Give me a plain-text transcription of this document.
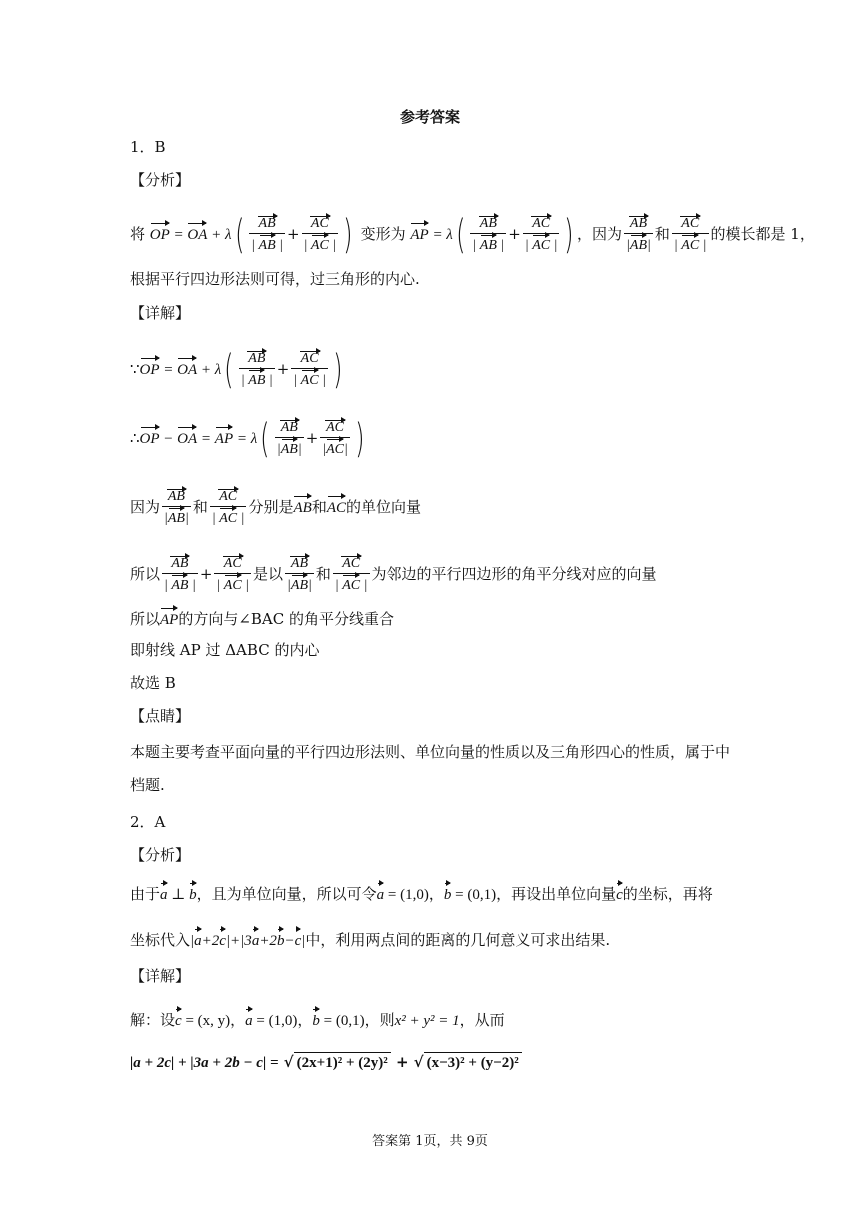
参考答案
1．B
【分析】
将 OP = OA + $\lambda( \frac{AB}{| AB |} + \frac{AC}{| AC |}$ ) 变形为 AP = $\lambda( \frac{AB}{| AB |} + \frac{AC}{| AC |}$ ) ，因为 $\frac{AB}{|AB|}$ 和 $\frac{AC}{| AC |}$ 的模长都是 1，
根据平行四边形法则可得，过三角形的内心.
【详解】
∵OP = OA + $\lambda( \frac{AB}{| AB |} + \frac{AC}{| AC |}$ )
∴OP − OA = AP = $\lambda( \frac{AB}{|AB|} + \frac{AC}{|AC|}$ )
因为 $\frac{AB}{|AB|}$ 和 $\frac{AC}{| AC |}$ 分别是AB和AC的单位向量
所以 $\frac{AB}{| AB |} + \frac{AC}{| AC |}$ 是以 $\frac{AB}{|AB|}$ 和 $\frac{AC}{| AC |}$ 为邻边的平行四边形的角平分线对应的向量
所以AP的方向与∠BAC 的角平分线重合
即射线 AP 过 ΔABC 的内心
故选 B
【点睛】
本题主要考查平面向量的平行四边形法则、单位向量的性质以及三角形四心的性质，属于中
档题.
2．A
【分析】
由于a ⊥ b，且为单位向量，所以可令a = (1,0)，b = (0,1)，再设出单位向量c的坐标，再将
坐标代入|a+2c|+|3a+2b−c|中，利用两点间的距离的几何意义可求出结果.
【详解】
解：设c = (x, y)，a = (1,0)，b = (0,1)，则x² + y² = 1，从而
|a + 2c| + |3a + 2b − c| = √ (2x+1)² + (2y)² + √ (x−3)² + (y−2)²
答案第 1页，共 9页
